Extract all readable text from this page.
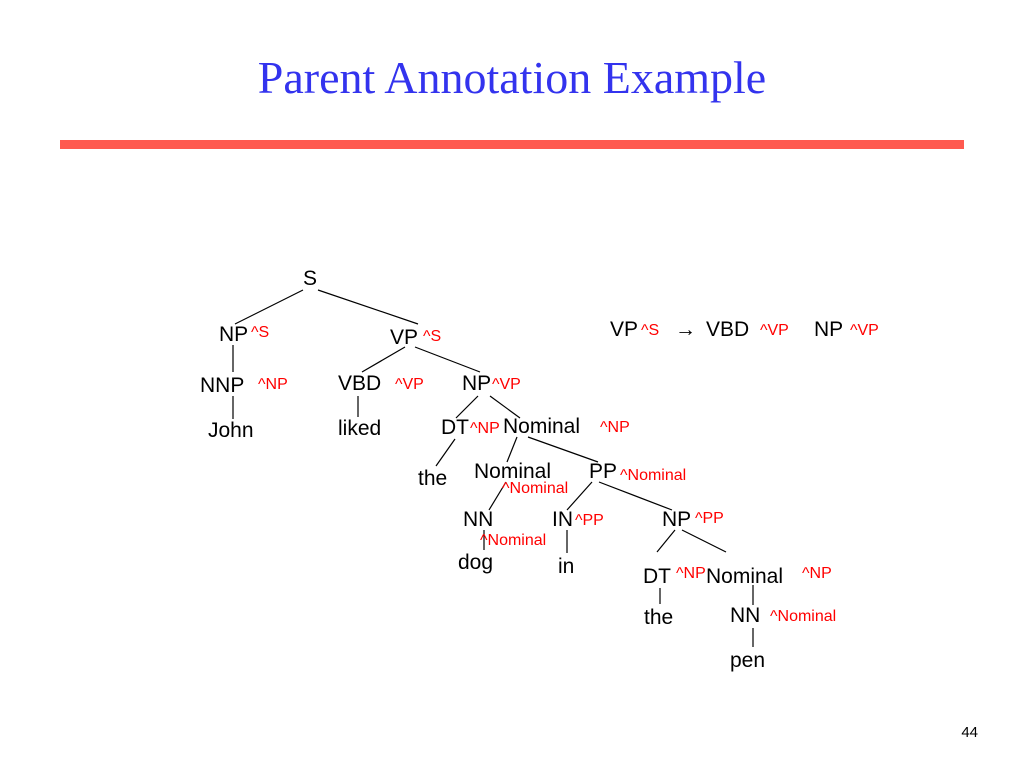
Parent Annotation Example
S
NP ^S	VP ^S
NNP ^NP
John
VBD ^VP
liked
NP ^VP
DT ^NP
the
Nominal ^NP
Nominal
^Nominal
PP ^Nominal
NN
^Nominal
dog
IN ^PP
in
NP ^PP
DT ^NP
the
Nominal ^NP
NN ^Nominal
pen
VP ^S → VBD ^VP NP ^VP
44
